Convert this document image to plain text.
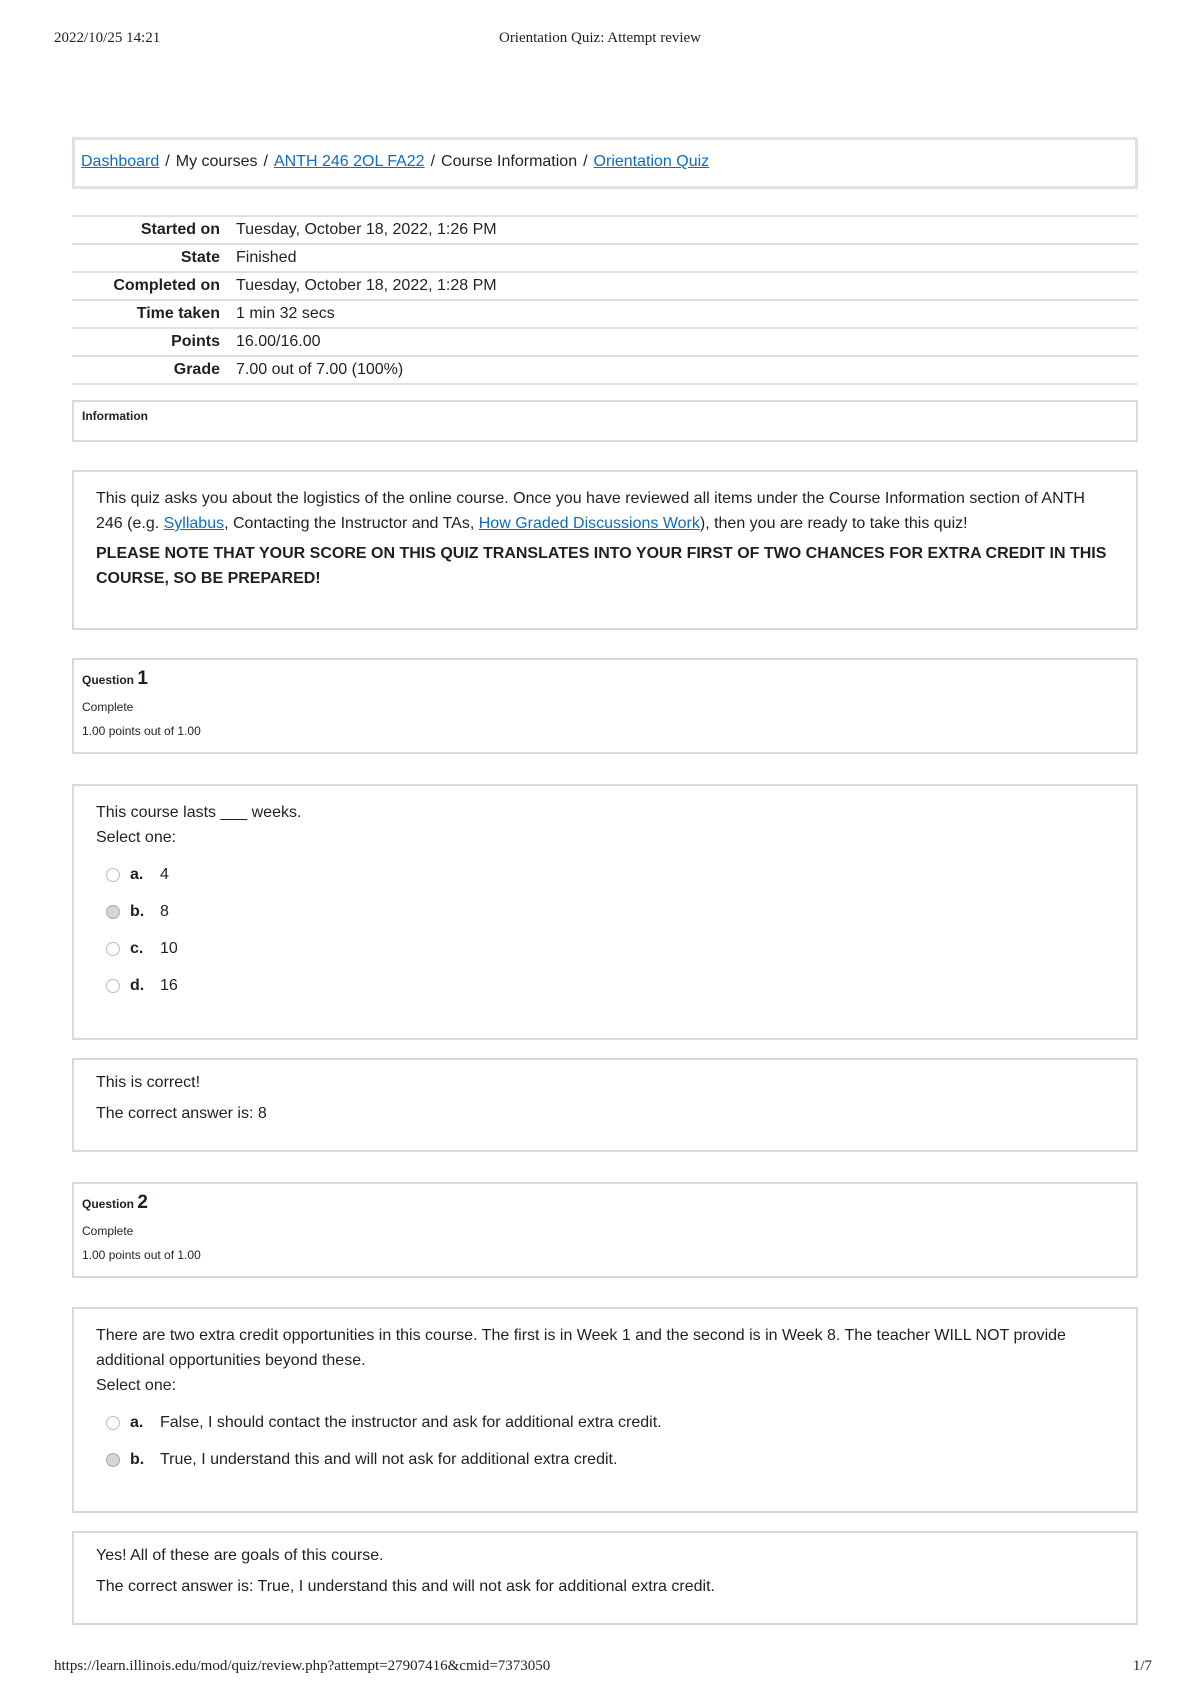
2022/10/25 14:21	Orientation Quiz: Attempt review
Dashboard / My courses / ANTH 246 2OL FA22 / Course Information / Orientation Quiz
Started on	Tuesday, October 18, 2022, 1:26 PM
State	Finished
Completed on	Tuesday, October 18, 2022, 1:28 PM
Time taken	1 min 32 secs
Points	16.00/16.00
Grade	7.00 out of 7.00 (100%)
Information

This quiz asks you about the logistics of the online course. Once you have reviewed all items under the Course Information section of ANTH 246 (e.g. Syllabus, Contacting the Instructor and TAs, How Graded Discussions Work), then you are ready to take this quiz!

PLEASE NOTE THAT YOUR SCORE ON THIS QUIZ TRANSLATES INTO YOUR FIRST OF TWO CHANCES FOR EXTRA CREDIT IN THIS COURSE, SO BE PREPARED!

Question 1
Complete
1.00 points out of 1.00

This course lasts ___ weeks.

Select one:
a.	4
b. 8
c.	10
d. 16
This is correct!
The correct answer is: 8
Question 2
Complete
1.00 points out of 1.00

There are two extra credit opportunities in this course. The first is in Week 1 and the second is in Week 8. The teacher WILL NOT provide additional opportunities beyond these.

Select one:
a.	False, I should contact the instructor and ask for additional extra credit.
b. True, I understand this and will not ask for additional extra credit.
Yes! All of these are goals of this course.
The correct answer is: True, I understand this and will not ask for additional extra credit.
https://learn.illinois.edu/mod/quiz/review.php?attempt=27907416&cmid=7373050	1/7
